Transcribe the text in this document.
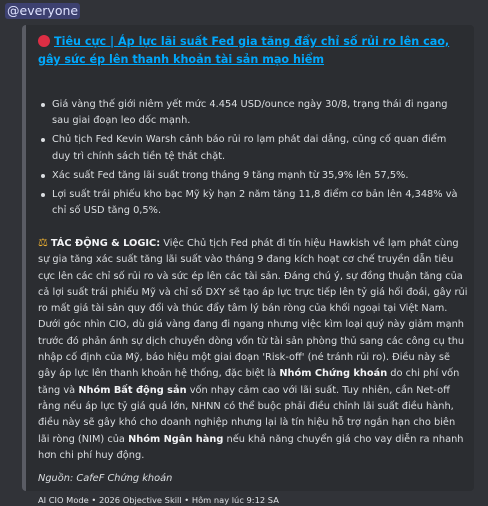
@everyone
Tiêu cực | Áp lực lãi suất Fed gia tăng đẩy chỉ số rủi ro lên cao, gây sức ép lên thanh khoản tài sản mạo hiểm
Giá vàng thế giới niêm yết mức 4.454 USD/ounce ngày 30/8, trạng thái đi ngang sau giai đoạn leo dốc mạnh.
Chủ tịch Fed Kevin Warsh cảnh báo rủi ro lạm phát dai dẳng, củng cố quan điểm duy trì chính sách tiền tệ thắt chặt.
Xác suất Fed tăng lãi suất trong tháng 9 tăng mạnh từ 35,9% lên 57,5%.
Lợi suất trái phiếu kho bạc Mỹ kỳ hạn 2 năm tăng 11,8 điểm cơ bản lên 4,348% và chỉ số USD tăng 0,5%.
⚖ TÁC ĐỘNG & LOGIC: Việc Chủ tịch Fed phát đi tín hiệu Hawkish về lạm phát cùng sự gia tăng xác suất tăng lãi suất vào tháng 9 đang kích hoạt cơ chế truyền dẫn tiêu cực lên các chỉ số rủi ro và sức ép lên các tài sản. Đáng chú ý, sự đồng thuận tăng của cả lợi suất trái phiếu Mỹ và chỉ số DXY sẽ tạo áp lực trực tiếp lên tỷ giá hối đoái, gây rủi ro mất giá tài sản quy đổi và thúc đẩy tâm lý bán ròng của khối ngoại tại Việt Nam. Dưới góc nhìn CIO, dù giá vàng đang đi ngang nhưng việc kìm loại quý này giảm mạnh trước đó phản ánh sự dịch chuyển dòng vốn từ tài sản phòng thủ sang các công cụ thu nhập cố định của Mỹ, báo hiệu một giai đoạn 'Risk-off' (né tránh rủi ro). Điều này sẽ gây áp lực lên thanh khoản hệ thống, đặc biệt là Nhóm Chứng khoán do chi phí vốn tăng và Nhóm Bất động sản vốn nhạy cảm cao với lãi suất. Tuy nhiên, cần Net-off rằng nếu áp lực tỷ giá quá lớn, NHNN có thể buộc phải điều chỉnh lãi suất điều hành, điều này sẽ gây khó cho doanh nghiệp nhưng lại là tín hiệu hỗ trợ ngắn hạn cho biên lãi ròng (NIM) của Nhóm Ngân hàng nếu khả năng chuyển giá cho vay diễn ra nhanh hơn chi phí huy động.
Nguồn: CafeF Chứng khoán
AI CIO Mode • 2026 Objective Skill • Hôm nay lúc 9:12 SA
